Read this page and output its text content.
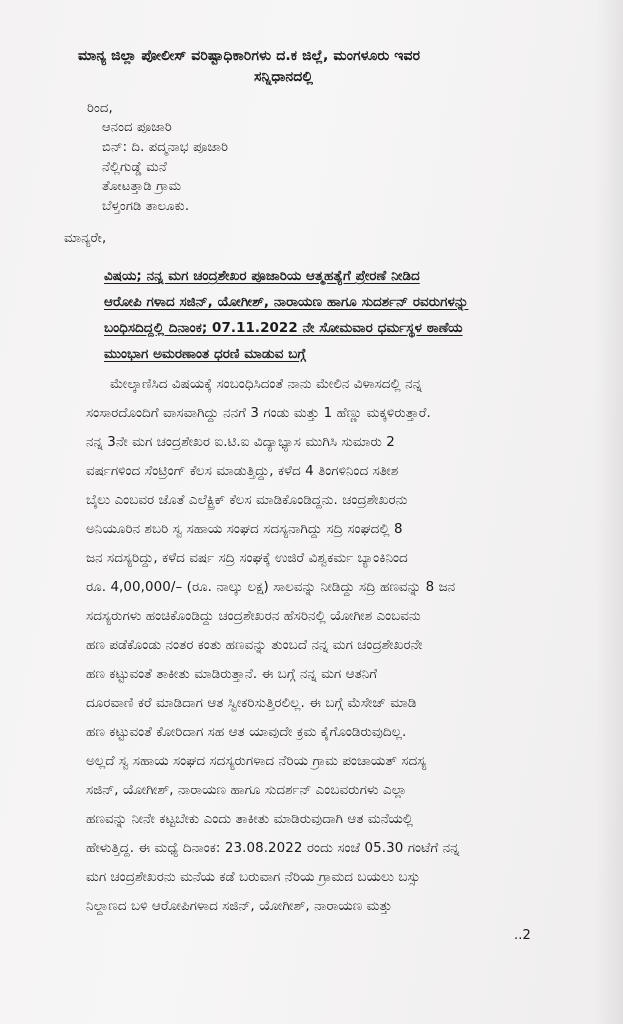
ಮಾನ್ಯ ಜಿಲ್ಲಾ ಪೋಲೀಸ್ ವರಿಷ್ಟಾಧಿಕಾರಿಗಳು ದ.ಕ ಜಿಲ್ಲೆ, ಮಂಗಳೂರು ಇವರ
ಸನ್ನಿಧಾನದಲ್ಲಿ
ರಿಂದ,
ಆನಂದ ಪೂಜಾರಿ
ಬಿನ್: ದಿ. ಪದ್ಮನಾಭ ಪೂಜಾರಿ
ನೆಲ್ಲಿಗುಡ್ಡೆ ಮನೆ
ತೋಟತ್ತಾಡಿ ಗ್ರಾಮ
ಬೆಳ್ತಂಗಡಿ ತಾಲೂಕು.
ಮಾನ್ಯರೇ,
ವಿಷಯ; ನನ್ನ ಮಗ ಚಂದ್ರಶೇಖರ ಪೂಜಾರಿಯ ಆತ್ಮಹತ್ಯೆಗೆ ಪ್ರೇರಣೆ ನೀಡಿದ
ಆರೋಪಿ ಗಳಾದ ಸಜಿನ್, ಯೋಗೀಶ್, ನಾರಾಯಣ ಹಾಗೂ ಸುದರ್ಶನ್ ರವರುಗಳನ್ನು
ಬಂಧಿಸದಿದ್ದಲ್ಲಿ ದಿನಾಂಕ; 07.11.2022 ನೇ ಸೋಮವಾರ ಧರ್ಮಸ್ಥಳ ಠಾಣೆಯ
ಮುಂಭಾಗ ಅಮರಣಾಂತ ಧರಣಿ ಮಾಡುವ ಬಗ್ಗೆ
ಮೇಲ್ಕಾಣಿಸಿದ ವಿಷಯಕ್ಕೆ ಸಂಬಂಧಿಸಿದಂತೆ ನಾನು ಮೇಲಿನ ವಿಳಾಸದಲ್ಲಿ ನನ್ನ
ಸಂಸಾರದೊಂದಿಗೆ ವಾಸವಾಗಿದ್ದು ನನಗೆ 3 ಗಂಡು ಮತ್ತು 1 ಹೆಣ್ಣು ಮಕ್ಕಳಿರುತ್ತಾರೆ.
ನನ್ನ 3ನೇ ಮಗ ಚಂದ್ರಶೇಖರ ಐ.ಟಿ.ಐ ವಿದ್ಯಾಭ್ಯಾಸ ಮುಗಿಸಿ ಸುಮಾರು 2
ವರ್ಷಗಳಿಂದ ಸೆಂಟ್ರಿಂಗ್ ಕೆಲಸ ಮಾಡುತ್ತಿದ್ದು, ಕಳೆದ 4 ತಿಂಗಳಿನಿಂದ ಸತೀಶ
ಬೈಲು ಎಂಬವರ ಜೊತೆ ಎಲೆಕ್ಟ್ರಿಕ್ ಕೆಲಸ ಮಾಡಿಕೊಂಡಿದ್ದನು. ಚಂದ್ರಶೇಖರನು
ಅನಿಯೂರಿನ ಶಬರಿ ಸ್ವ ಸಹಾಯ ಸಂಘದ ಸದಸ್ಯನಾಗಿದ್ದು ಸದ್ರಿ ಸಂಘದಲ್ಲಿ 8
ಜನ ಸದಸ್ಯರಿದ್ದು, ಕಳೆದ ವರ್ಷ ಸದ್ರಿ ಸಂಘಕ್ಕೆ ಉಜಿರೆ ವಿಶ್ವಕರ್ಮ ಬ್ಯಾಂಕಿನಿಂದ
ರೂ. 4,00,000/– (ರೂ. ನಾಲ್ಕು ಲಕ್ಷ) ಸಾಲವನ್ನು ನೀಡಿದ್ದು ಸದ್ರಿ ಹಣವನ್ನು 8 ಜನ
ಸದಸ್ಯರುಗಳು ಹಂಚಿಕೊಂಡಿದ್ದು ಚಂದ್ರಶೇಖರನ ಹೆಸರಿನಲ್ಲಿ ಯೋಗೀಶ ಎಂಬವನು
ಹಣ ಪಡೆಕೊಂಡು ನಂತರ ಕಂತು ಹಣವನ್ನು ತುಂಬದೆ ನನ್ನ ಮಗ ಚಂದ್ರಶೇಖರನೇ
ಹಣ ಕಟ್ಟುವಂತೆ ತಾಕೀತು ಮಾಡಿರುತ್ತಾನೆ. ಈ ಬಗ್ಗೆ ನನ್ನ ಮಗ ಆತನಿಗೆ
ದೂರವಾಣಿ ಕರೆ ಮಾಡಿದಾಗ ಆತ ಸ್ವೀಕರಿಸುತ್ತಿರಲಿಲ್ಲ. ಈ ಬಗ್ಗೆ ಮೆಸೇಜ್ ಮಾಡಿ
ಹಣ ಕಟ್ಟುವಂತೆ ಕೋರಿದಾಗ ಸಹ ಆತ ಯಾವುದೇ ಕ್ರಮ ಕೈಗೊಂಡಿರುವುದಿಲ್ಲ.
ಅಲ್ಲದೆ ಸ್ವ ಸಹಾಯ ಸಂಘದ ಸದಸ್ಯರುಗಳಾದ ನೆರಿಯ ಗ್ರಾಮ ಪಂಚಾಯತ್ ಸದಸ್ಯ
ಸಜಿನ್, ಯೋಗೀಶ್, ನಾರಾಯಣ ಹಾಗೂ ಸುದರ್ಶನ್ ಎಂಬವರುಗಳು ಎಲ್ಲಾ
ಹಣವನ್ನು ನೀನೇ ಕಟ್ಟಬೇಕು ಎಂದು ತಾಕೀತು ಮಾಡಿರುವುದಾಗಿ ಆತ ಮನೆಯಲ್ಲಿ
ಹೇಳುತ್ತಿದ್ದ. ಈ ಮಧ್ಯೆ ದಿನಾಂಕ: 23.08.2022 ರಂದು ಸಂಜೆ 05.30 ಗಂಟೆಗೆ ನನ್ನ
ಮಗ ಚಂದ್ರಶೇಖರನು ಮನೆಯ ಕಡೆ ಬರುವಾಗ ನೆರಿಯ ಗ್ರಾಮದ ಬಯಲು ಬಸ್ಸು
ನಿಲ್ದಾಣದ ಬಳಿ ಆರೋಪಿಗಳಾದ ಸಜಿನ್, ಯೋಗೀಶ್, ನಾರಾಯಣ ಮತ್ತು
..2
